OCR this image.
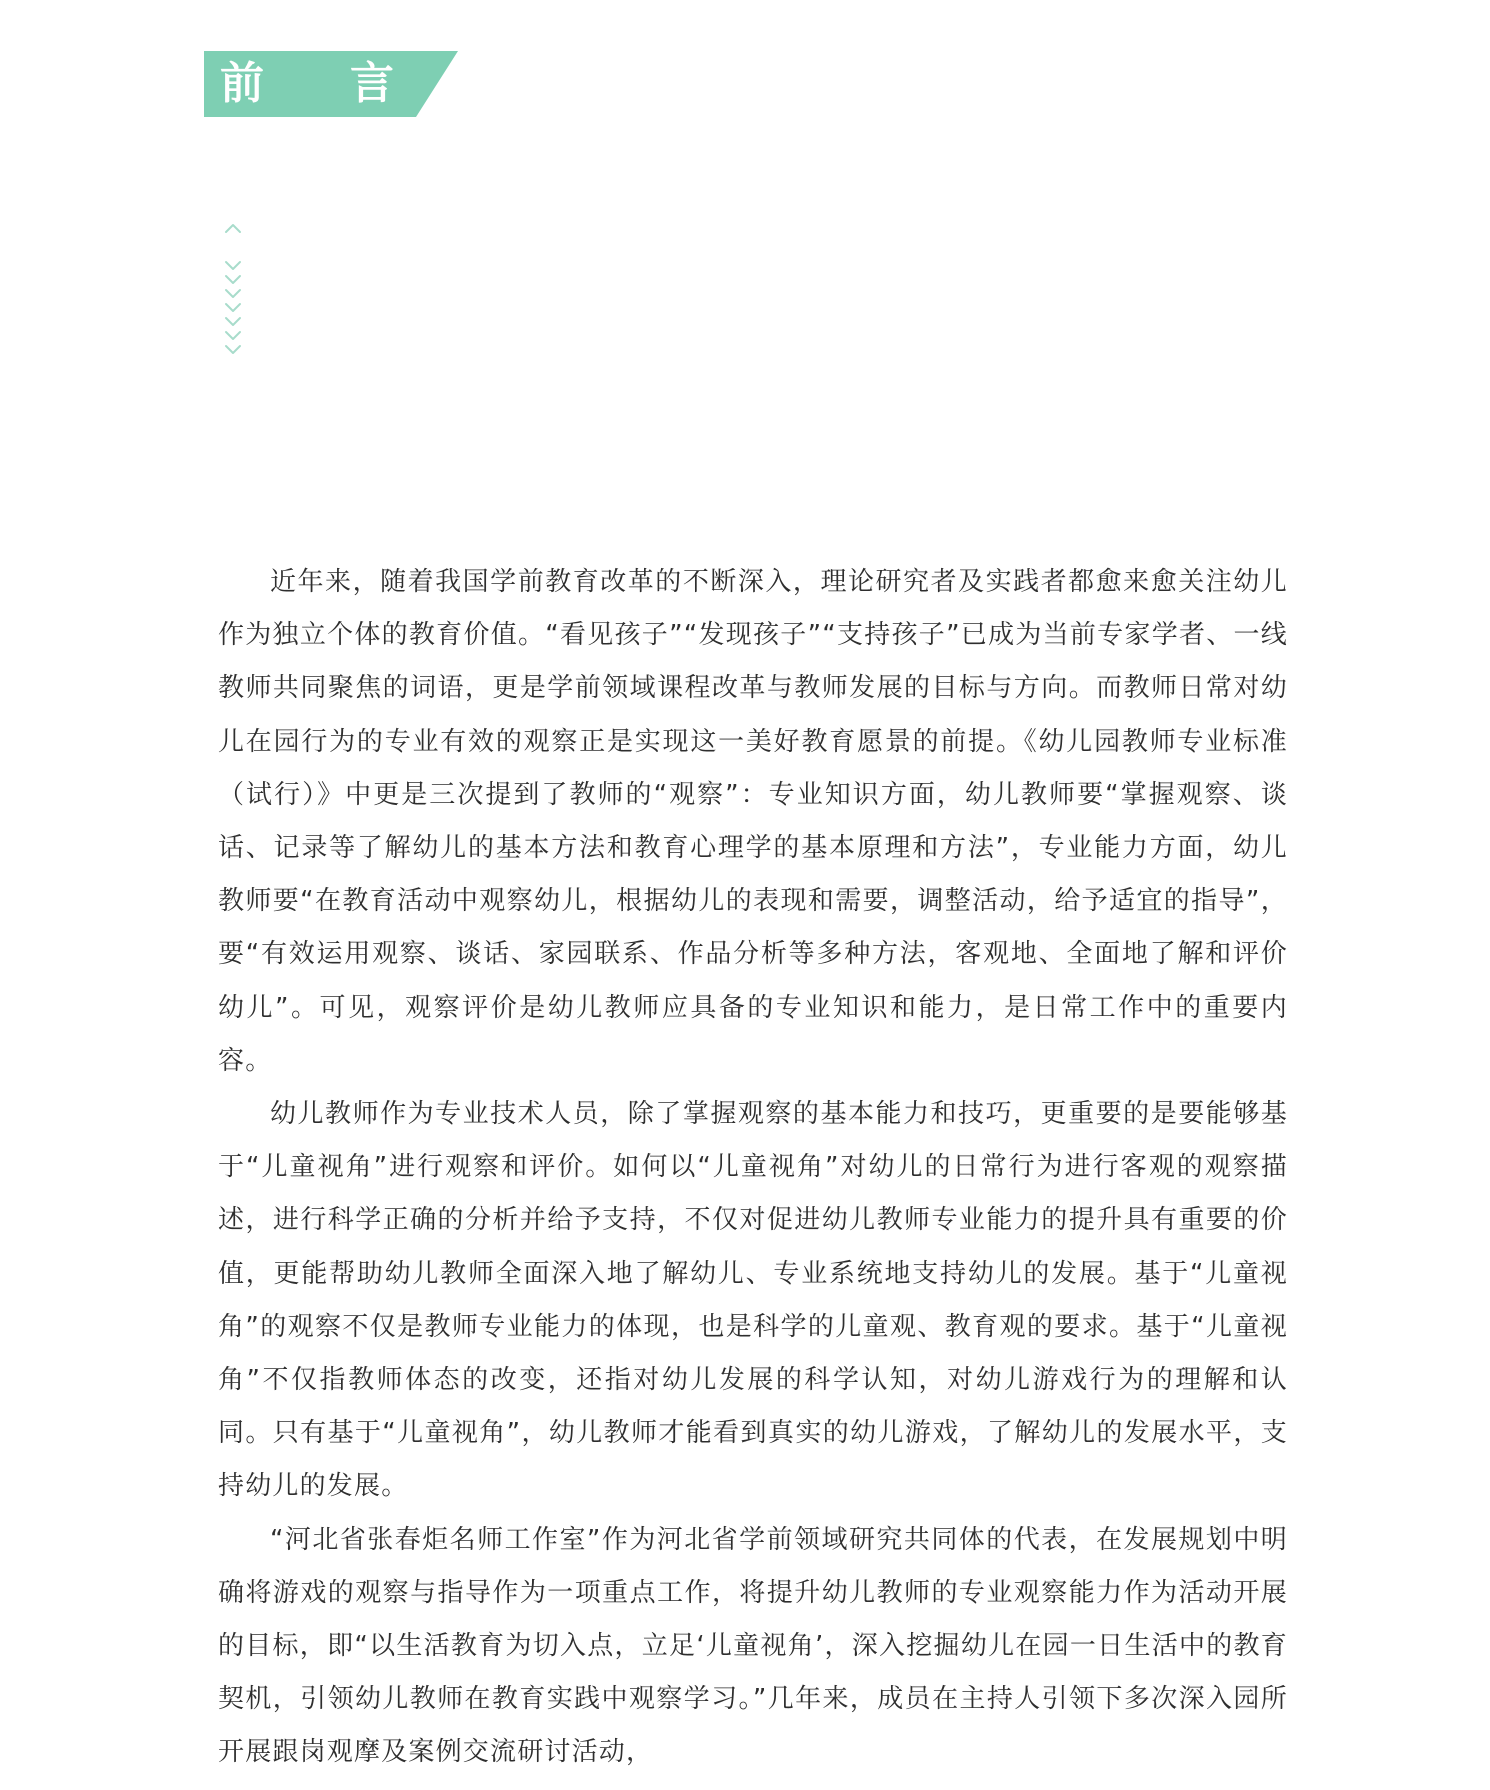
前言

近年来，随着我国学前教育改革的不断深入，理论研究者及实践者都愈来愈关注幼儿作为独立个体的教育价值。“看见孩子”“发现孩子”“支持孩子”已成为当前专家学者、一线教师共同聚焦的词语，更是学前领域课程改革与教师发展的目标与方向。而教师日常对幼儿在园行为的专业有效的观察正是实现这一美好教育愿景的前提。《幼儿园教师专业标准（试行）》中更是三次提到了教师的“观察”：专业知识方面，幼儿教师要“掌握观察、谈话、记录等了解幼儿的基本方法和教育心理学的基本原理和方法”，专业能力方面，幼儿教师要“在教育活动中观察幼儿，根据幼儿的表现和需要，调整活动，给予适宜的指导”，要“有效运用观察、谈话、家园联系、作品分析等多种方法，客观地、全面地了解和评价幼儿”。可见，观察评价是幼儿教师应具备的专业知识和能力，是日常工作中的重要内容。

幼儿教师作为专业技术人员，除了掌握观察的基本能力和技巧，更重要的是要能够基于“儿童视角”进行观察和评价。如何以“儿童视角”对幼儿的日常行为进行客观的观察描述，进行科学正确的分析并给予支持，不仅对促进幼儿教师专业能力的提升具有重要的价值，更能帮助幼儿教师全面深入地了解幼儿、专业系统地支持幼儿的发展。基于“儿童视角”的观察不仅是教师专业能力的体现，也是科学的儿童观、教育观的要求。基于“儿童视角”不仅指教师体态的改变，还指对幼儿发展的科学认知，对幼儿游戏行为的理解和认同。只有基于“儿童视角”，幼儿教师才能看到真实的幼儿游戏，了解幼儿的发展水平，支持幼儿的发展。

“河北省张春炬名师工作室”作为河北省学前领域研究共同体的代表，在发展规划中明确将游戏的观察与指导作为一项重点工作，将提升幼儿教师的专业观察能力作为活动开展的目标，即“以生活教育为切入点，立足‘儿童视角’，深入挖掘幼儿在园一日生活中的教育契机，引领幼儿教师在教育实践中观察学习。”几年来，成员在主持人引领下多次深入园所开展跟岗观摩及案例交流研讨活动，
